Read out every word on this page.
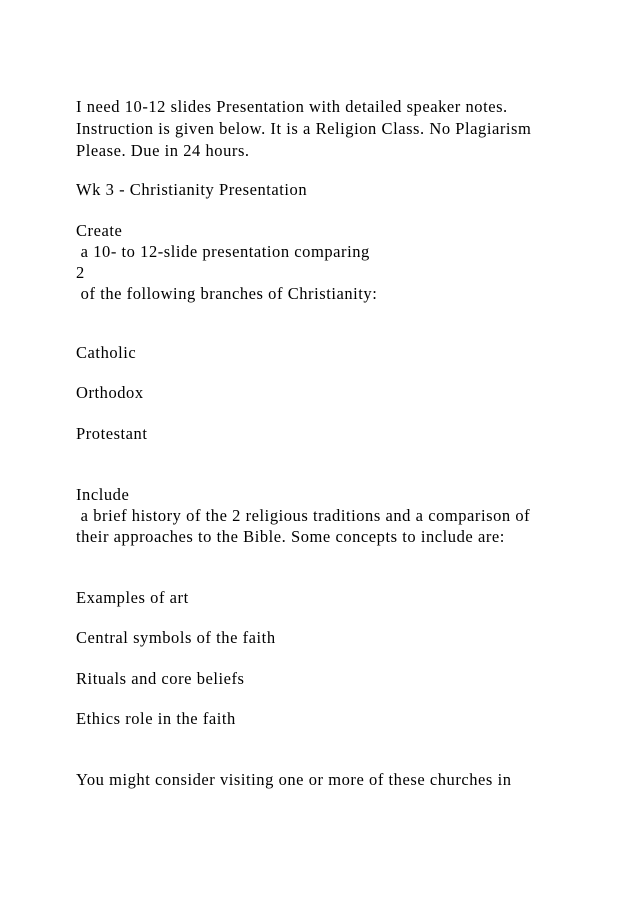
I need 10-12 slides Presentation with detailed speaker notes.

Instruction is given below. It is a Religion Class. No Plagiarism

Please. Due in 24 hours.

Wk 3 - Christianity Presentation

Create

a 10- to 12-slide presentation comparing

2

of the following branches of Christianity:

Catholic

Orthodox

Protestant

Include

a brief history of the 2 religious traditions and a comparison of

their approaches to the Bible. Some concepts to include are:

Examples of art

Central symbols of the faith

Rituals and core beliefs

Ethics role in the faith

You might consider visiting one or more of these churches in
